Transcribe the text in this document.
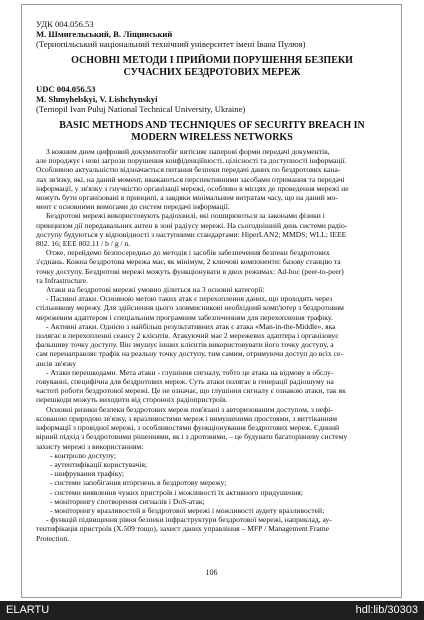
УДК 004.056.53

М. Шмигельський, В. Ліщинський

(Тернопільський національний технічний університет імені Івана Пулюя)

ОСНОВНІ МЕТОДИ І ПРИЙОМИ ПОРУШЕННЯ БЕЗПЕКИ

СУЧАСНИХ БЕЗДРОТОВИХ МЕРЕЖ

UDC 004.056.53

M. Shmyhelskyi, V. Lishchynskyi

(Ternopil Ivan Puluj National Technical University, Ukraine)

BASIC METHODS AND TECHNIQUES OF SECURITY BREACH IN

MODERN WIRELESS NETWORKS

З кожним днем цифровий документообіг витісняє паперові форми передачі документів,

але породжує і нові загрози порушення конфіденційності, цілісності та доступності інформації.

Особливою актуальністю відзначається питання безпеки передачі даних по бездротових кана-

лах зв'язку, які, на даний момент, вважаються перспективними засобами отримання та передачі

інформації, у зв'язку з гнучкістю організації мережі, особливо в місцях де проведення мережі не

можуть бути організовані в принципі, а завдяки мінімальним витратам часу, що на даний мо-

мент є основними вимогами до систем передачі інформації.

Бездротові мережі використовують радіохвилі, які поширюються за законами фізики і

принципом дії передавальних антен в зоні радіусу мережі. На сьогоднішній день системи радіо-

доступу будуються у відповідності з наступними стандартами: HiperLAN2; MMDS; WLL; IEEE

802. 16; EEE 802.11 / b / g / n.

Отже, перейдемо безпосередньо до методів і засобів забезпечення безпеки бездротових

з'єднань. Кожна бездротова мережа має, як мінімум, 2 ключові компоненти: базову станцію та

точку доступу. Бездротові мережі можуть функціонувати в двох режимах: Ad-hoc (peer-to-peer)

та Infrastructure.

Атаки на бездротові мережі умовно ділиться на 3 основні категорії:

- Пасивні атаки. Основною метою таких атак є перехоплення даних, що проходять через

стільникову мережу. Для здійснення цього зловмисникові необхідний комп'ютер з бездротовим

мережевим адаптером і спеціальним програмним забезпеченням для перехоплення трафіку.

- Активні атаки. Однією з найбільш результативних атак є атака «Man-in-the-Middle», яка

полягає в перехопленні сеансу 2 клієнтів. Атакуючий має 2 мережевих адаптера і організовує

фальшиву точку доступу. Він змушує інших клієнтів використовувати його точку доступу, а

сам перенаправляє трафік на реальну точку доступу, тим самим, отримуючи доступ до всіх се-

ансів зв'язку

- Атаки перешкодами. Мета атаки - глушіння сигналу, тобто це атака на відмову в обслу-

говуванні, специфічна для бездротових мереж. Суть атаки полягає в генерації радіошуму на

частоті роботи бездротової мережі. Це не означає, що глушіння сигналу є ознакою атаки, так як

перешкоди можуть виходити від сторонніх радіопристроїв.

Основні ризики безпеки бездротових мереж пов'язані з авторизованим доступом, з нефі-

ксованою природою зв'язку, з вразливостями мереж і вимушеними простоями, з виттіканням

інформації з провідної мережі, з особливостями функціонування бездротових мереж. Єдиний

вірний підхід з бездротовими рішеннями, як і з дротовими, – це будувати багаторівневу систему

захисту мережі з використанням:

- контролю доступу;

- аутентифікації користувачів;

- шифрування трафіку;

- системи запобігання вторгнень в бездротову мережу;

- системи виявлення чужих пристроїв і можливості їх активного придушення;

- моніторингу спотворення сигналів і DoS-атак;

- моніторингу вразливостей в бездротової мережі і можливості аудиту вразливостей;

- функцій підвищення рівня безпеки інфраструктури бездротової мережі, наприклад, ау-

тентифікація пристроїв (X.509 тощо), захист даних управління – MFP / Management Frame

Protection.

106
ELARTU	hdl:lib/30303
